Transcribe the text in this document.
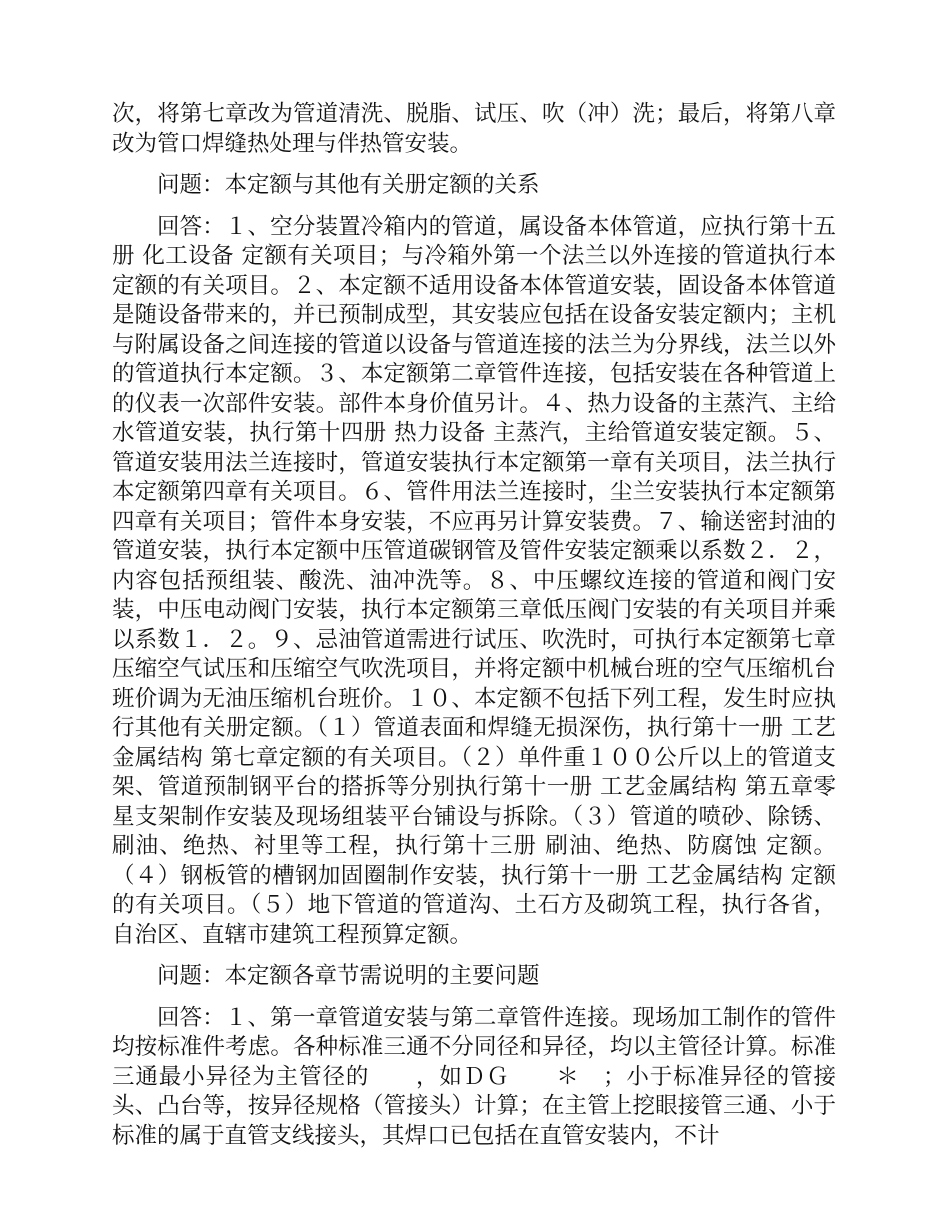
次，将第七章改为管道清洗、脱脂、试压、吹（冲）洗；最后，将第八章改为管口焊缝热处理与伴热管安装。

问题：本定额与其他有关册定额的关系

回答：１、空分装置冷箱内的管道，属设备本体管道，应执行第十五册 化工设备 定额有关项目；与冷箱外第一个法兰以外连接的管道执行本定额的有关项目。２、本定额不适用设备本体管道安装，固设备本体管道是随设备带来的，并已预制成型，其安装应包括在设备安装定额内；主机与附属设备之间连接的管道以设备与管道连接的法兰为分界线，法兰以外的管道执行本定额。３、本定额第二章管件连接，包括安装在各种管道上的仪表一次部件安装。部件本身价值另计。４、热力设备的主蒸汽、主给水管道安装，执行第十四册 热力设备 主蒸汽，主给管道安装定额。５、管道安装用法兰连接时，管道安装执行本定额第一章有关项目，法兰执行本定额第四章有关项目。６、管件用法兰连接时，尘兰安装执行本定额第四章有关项目；管件本身安装，不应再另计算安装费。７、输送密封油的管道安装，执行本定额中压管道碳钢管及管件安装定额乘以系数２．２，内容包括预组装、酸洗、油冲洗等。８、中压螺纹连接的管道和阀门安装，中压电动阀门安装，执行本定额第三章低压阀门安装的有关项目并乘以系数１．２。９、忌油管道需进行试压、吹洗时，可执行本定额第七章压缩空气试压和压缩空气吹洗项目，并将定额中机械台班的空气压缩机台班价调为无油压缩机台班价。１０、本定额不包括下列工程，发生时应执行其他有关册定额。（１）管道表面和焊缝无损深伤，执行第十一册 工艺金属结构 第七章定额的有关项目。（２）单件重１００公斤以上的管道支架、管道预制钢平台的搭拆等分别执行第十一册 工艺金属结构 第五章零星支架制作安装及现场组装平台铺设与拆除。（３）管道的喷砂、除锈、刷油、绝热、衬里等工程，执行第十三册 刷油、绝热、防腐蚀 定额。（４）钢板管的槽钢加固圈制作安装，执行第十一册 工艺金属结构 定额的有关项目。（５）地下管道的管道沟、土石方及砌筑工程，执行各省，自治区、直辖市建筑工程预算定额。

问题：本定额各章节需说明的主要问题

回答：１、第一章管道安装与第二章管件连接。现场加工制作的管件均按标准件考虑。各种标准三通不分同径和异径，均以主管径计算。标准三通最小异径为主管径的　　，如ＤＧ　　＊　；小于标准异径的管接头、凸台等，按异径规格（管接头）计算；在主管上挖眼接管三通、小于标准的属于直管支线接头，其焊口已包括在直管安装内，不计
